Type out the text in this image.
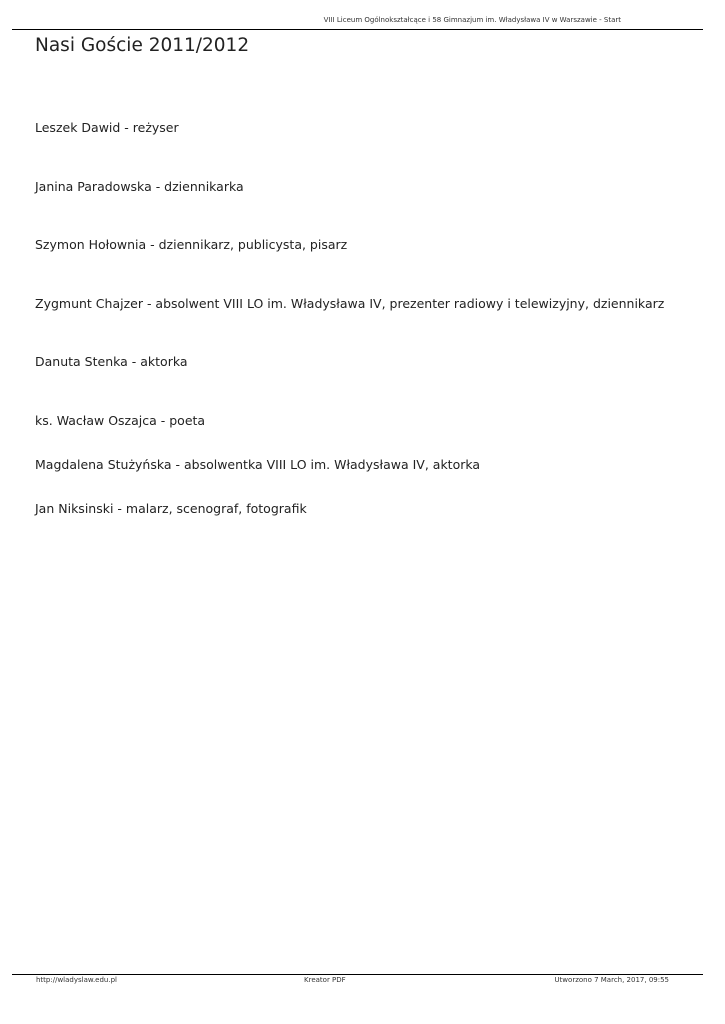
VIII Liceum Ogólnokształcące i 58 Gimnazjum im. Władysława IV w Warszawie - Start
Nasi Goście 2011/2012

Leszek Dawid - reżyser

Janina Paradowska - dziennikarka

Szymon Hołownia - dziennikarz, publicysta, pisarz

Zygmunt Chajzer - absolwent VIII LO im. Władysława IV, prezenter radiowy i telewizyjny, dziennikarz

Danuta Stenka - aktorka

ks. Wacław Oszajca - poeta

Magdalena Stużyńska - absolwentka VIII LO im. Władysława IV, aktorka

Jan Niksinski - malarz, scenograf, fotografik

http://wladyslaw.edu.pl	Kreator PDF	Utworzono 7 March, 2017, 09:55
